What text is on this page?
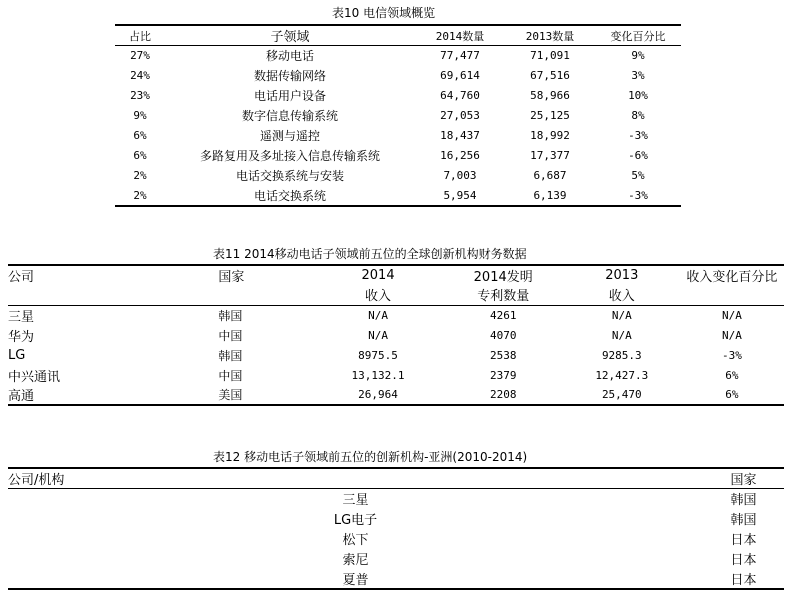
表10 电信领域概览
占比	子领域	2014数量	2013数量	变化百分比
27%	移动电话	77,477	71,091	9%
24%	数据传输网络	69,614	67,516	3%
23%	电话用户设备	64,760	58,966	10%
9%	数字信息传输系统	27,053	25,125	8%
6%	遥测与遥控	18,437	18,992	-3%
6%	多路复用及多址接入信息传输系统	16,256	17,377	-6%
2%	电话交换系统与安装	7,003	6,687	5%
2%	电话交换系统	5,954	6,139	-3%
表11 2014移动电话子领域前五位的全球创新机构财务数据
公司	国家	2014	2014发明	2013	收入变化百分比
		收入	专利数量	收入	
三星	韩国	N/A	4261	N/A	N/A
华为	中国	N/A	4070	N/A	N/A
LG	韩国	8975.5	2538	9285.3	-3%
中兴通讯	中国	13,132.1	2379	12,427.3	6%
高通	美国	26,964	2208	25,470	6%
表12 移动电话子领域前五位的创新机构-亚洲(2010-2014)
公司/机构	国家
三星	韩国
LG电子	韩国
松下	日本
索尼	日本
夏普	日本
